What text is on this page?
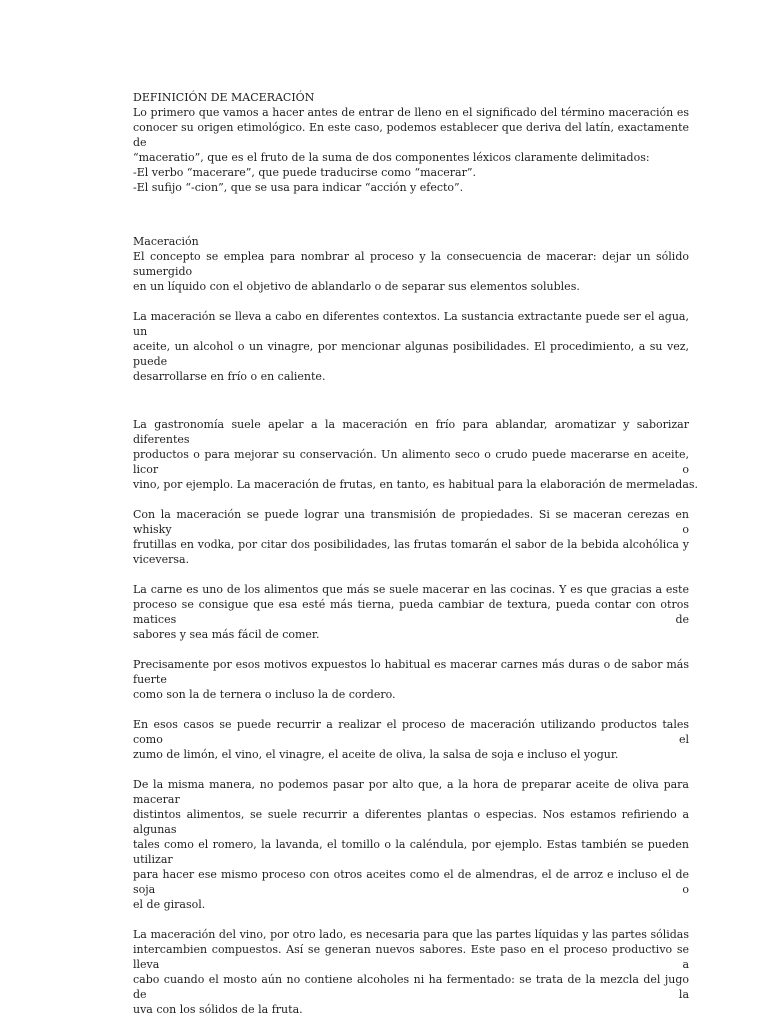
DEFINICIÓN DE MACERACIÓN
Lo primero que vamos a hacer antes de entrar de lleno en el significado del término maceración es
conocer su origen etimológico. En este caso, podemos establecer que deriva del latín, exactamente de
“maceratio”, que es el fruto de la suma de dos componentes léxicos claramente delimitados:
-El verbo “macerare”, que puede traducirse como “macerar”.
-El sufijo “-cion”, que se usa para indicar “acción y efecto”.
Maceración
El concepto se emplea para nombrar al proceso y la consecuencia de macerar: dejar un sólido sumergido
en un líquido con el objetivo de ablandarlo o de separar sus elementos solubles.
La maceración se lleva a cabo en diferentes contextos. La sustancia extractante puede ser el agua, un
aceite, un alcohol o un vinagre, por mencionar algunas posibilidades. El procedimiento, a su vez, puede
desarrollarse en frío o en caliente.
La gastronomía suele apelar a la maceración en frío para ablandar, aromatizar y saborizar diferentes
productos o para mejorar su conservación. Un alimento seco o crudo puede macerarse en aceite, licor o
vino, por ejemplo. La maceración de frutas, en tanto, es habitual para la elaboración de mermeladas.
Con la maceración se puede lograr una transmisión de propiedades. Si se maceran cerezas en whisky o
frutillas en vodka, por citar dos posibilidades, las frutas tomarán el sabor de la bebida alcohólica y
viceversa.
La carne es uno de los alimentos que más se suele macerar en las cocinas. Y es que gracias a este
proceso se consigue que esa esté más tierna, pueda cambiar de textura, pueda contar con otros matices de
sabores y sea más fácil de comer.
Precisamente por esos motivos expuestos lo habitual es macerar carnes más duras o de sabor más fuerte
como son la de ternera o incluso la de cordero.
En esos casos se puede recurrir a realizar el proceso de maceración utilizando productos tales como el
zumo de limón, el vino, el vinagre, el aceite de oliva, la salsa de soja e incluso el yogur.
De la misma manera, no podemos pasar por alto que, a la hora de preparar aceite de oliva para macerar
distintos alimentos, se suele recurrir a diferentes plantas o especias. Nos estamos refiriendo a algunas
tales como el romero, la lavanda, el tomillo o la caléndula, por ejemplo. Estas también se pueden utilizar
para hacer ese mismo proceso con otros aceites como el de almendras, el de arroz e incluso el de soja o
el de girasol.
La maceración del vino, por otro lado, es necesaria para que las partes líquidas y las partes sólidas
intercambien compuestos. Así se generan nuevos sabores. Este paso en el proceso productivo se lleva a
cabo cuando el mosto aún no contiene alcoholes ni ha fermentado: se trata de la mezcla del jugo de la
uva con los sólidos de la fruta.
